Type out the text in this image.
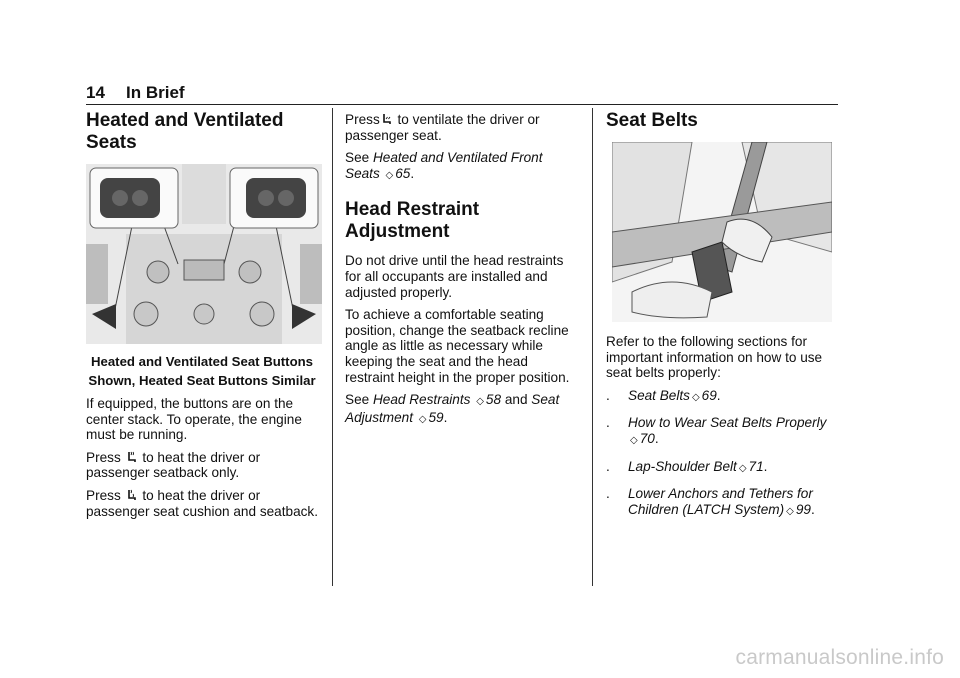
14 In Brief
Heated and Ventilated Seats
Heated and Ventilated Seat Buttons Shown, Heated Seat Buttons Similar

If equipped, the buttons are on the center stack. To operate, the engine must be running.

Press to heat the driver or passenger seatback only.

Press to heat the driver or passenger seat cushion and seatback.

Press to ventilate the driver or passenger seat.

See Heated and Ventilated Front Seats ◇ 65.

Head Restraint Adjustment

Do not drive until the head restraints for all occupants are installed and adjusted properly.

To achieve a comfortable seating position, change the seatback recline angle as little as necessary while keeping the seat and the head restraint height in the proper position.

See Head Restraints ◇ 58 and Seat Adjustment ◇ 59.

Seat Belts

Refer to the following sections for important information on how to use seat belts properly:

. Seat Belts ◇ 69.
. How to Wear Seat Belts Properly
◇ 70.
. Lap-Shoulder Belt ◇ 71.
. Lower Anchors and Tethers for Children (LATCH System) ◇ 99.
carmanualsonline.info
